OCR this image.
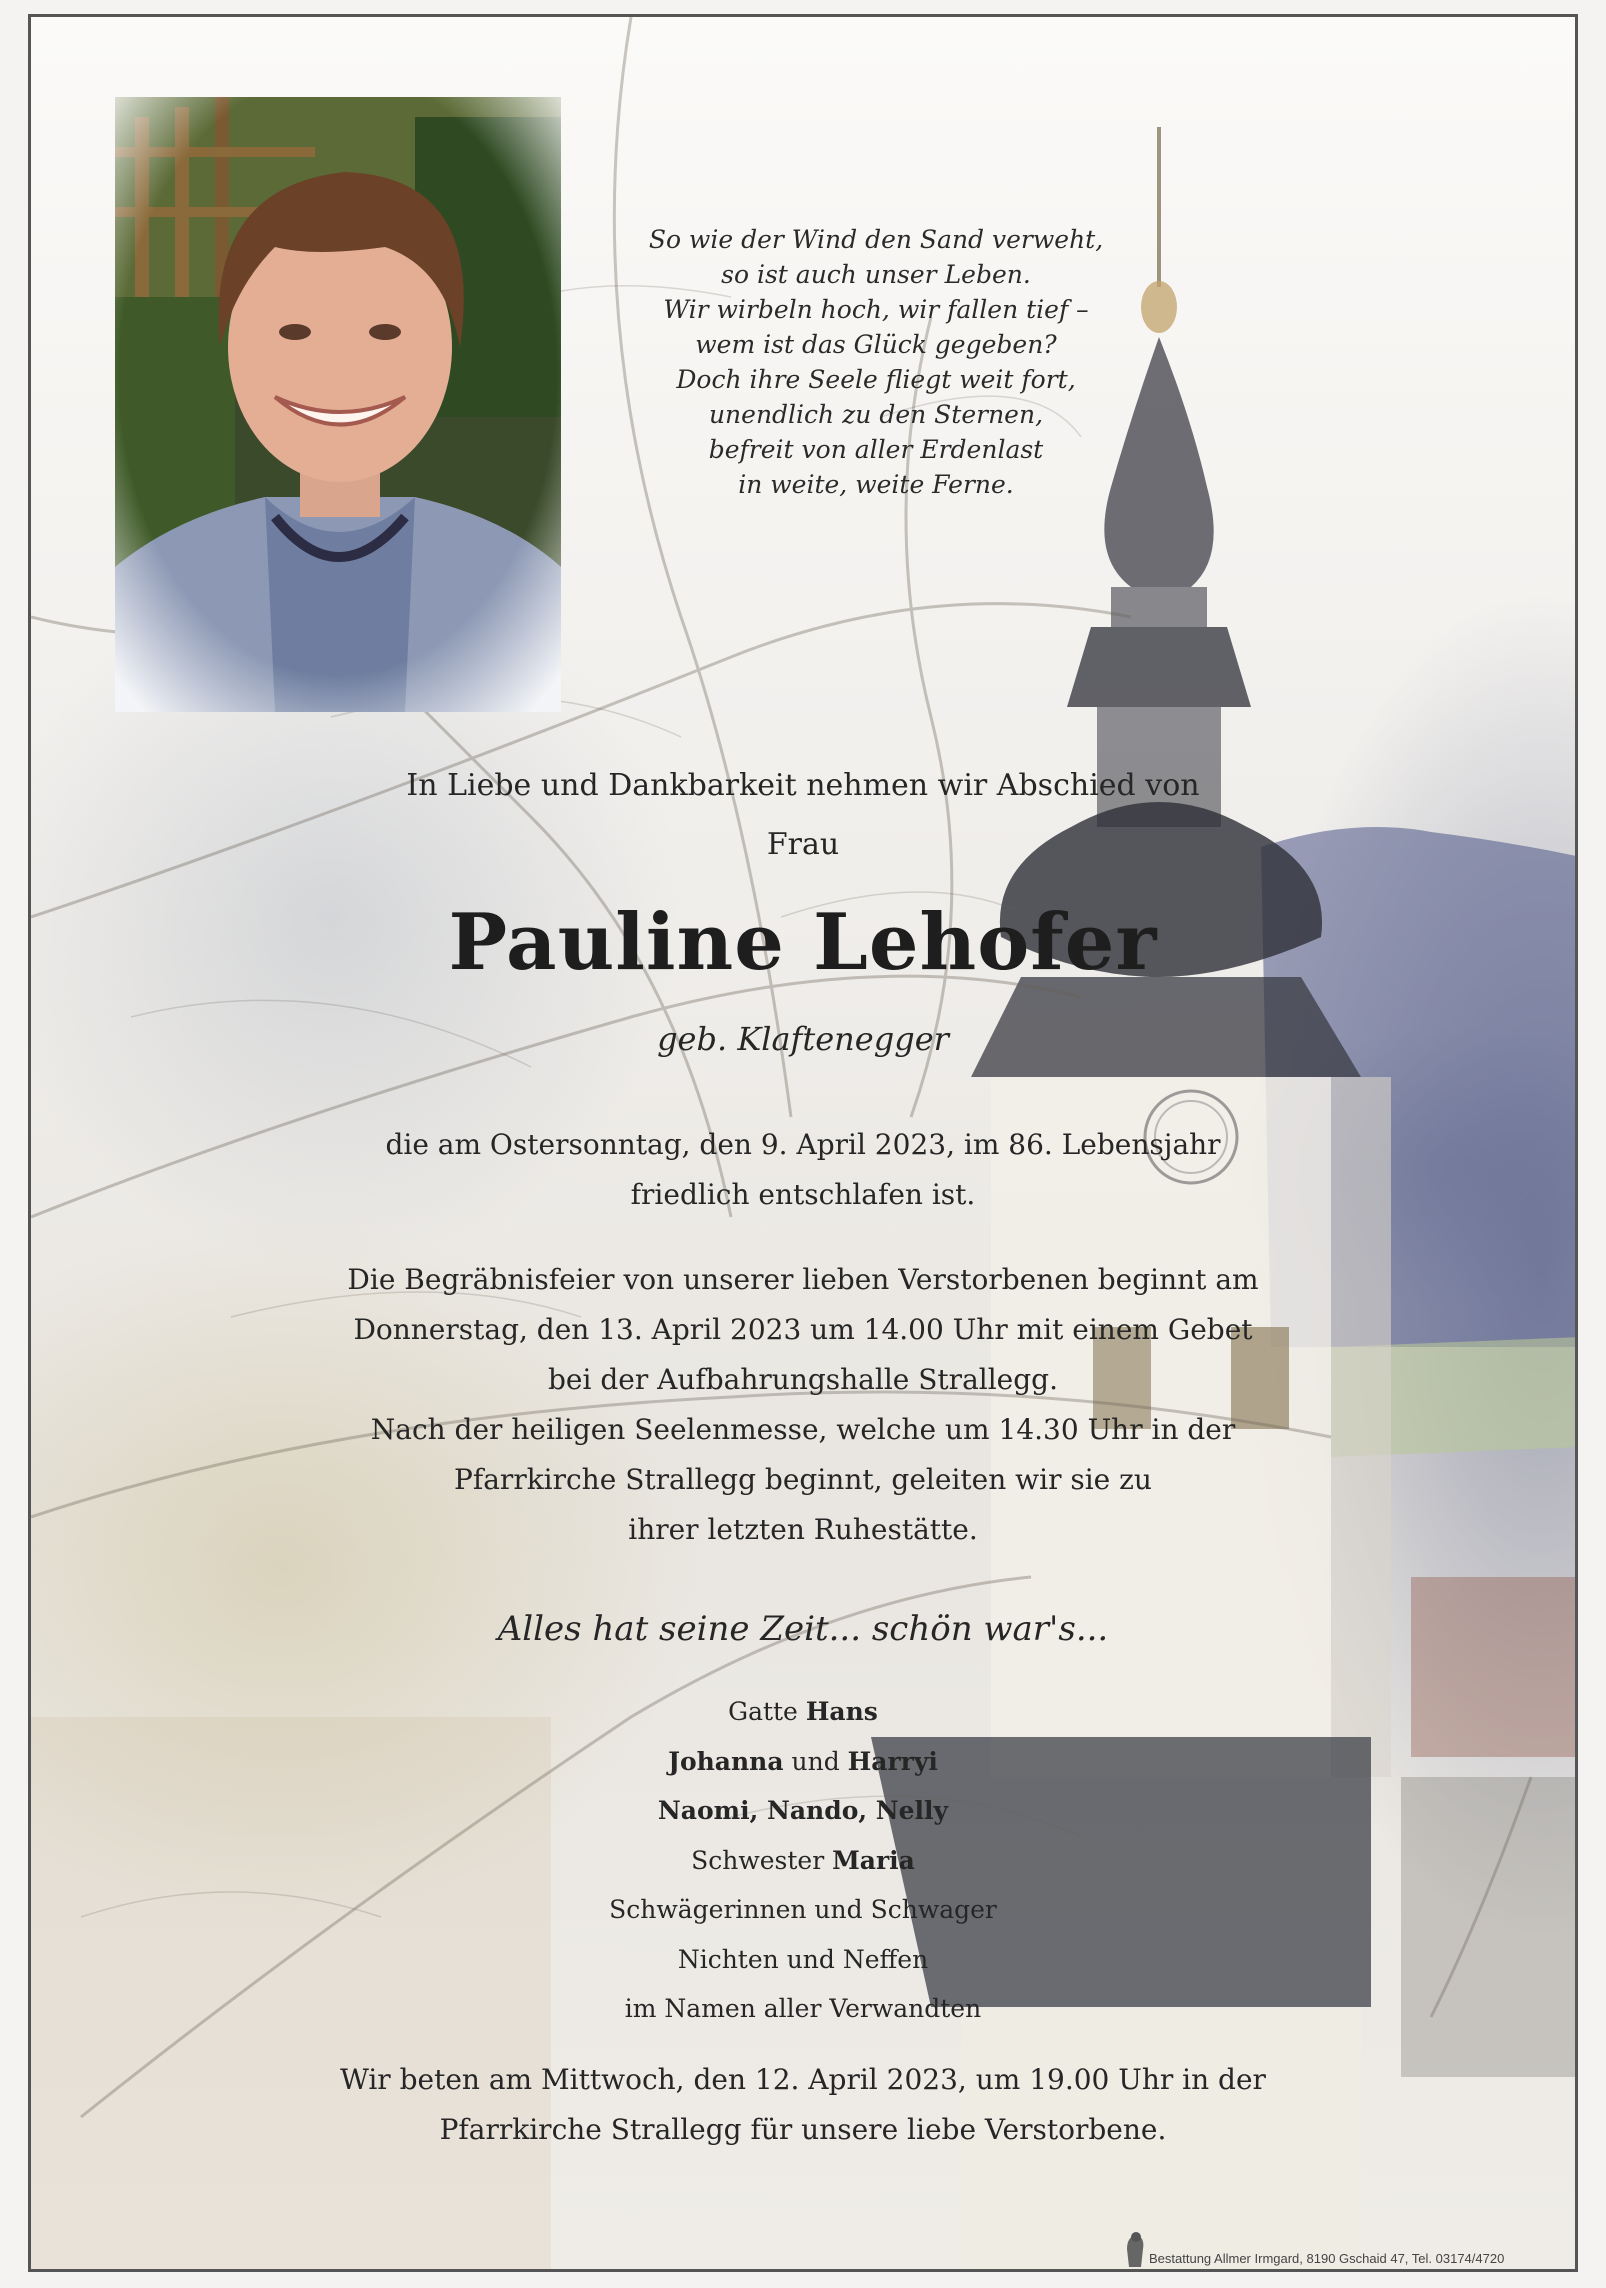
So wie der Wind den Sand verweht,
so ist auch unser Leben.
Wir wirbeln hoch, wir fallen tief –
wem ist das Glück gegeben?
Doch ihre Seele fliegt weit fort,
unendlich zu den Sternen,
befreit von aller Erdenlast
in weite, weite Ferne.
In Liebe und Dankbarkeit nehmen wir Abschied von
Frau
Pauline Lehofer
geb. Klaftenegger
die am Ostersonntag, den 9. April 2023, im 86. Lebensjahr
friedlich entschlafen ist.
Die Begräbnisfeier von unserer lieben Verstorbenen beginnt am
Donnerstag, den 13. April 2023 um 14.00 Uhr mit einem Gebet
bei der Aufbahrungshalle Strallegg.
Nach der heiligen Seelenmesse, welche um 14.30 Uhr in der
Pfarrkirche Strallegg beginnt, geleiten wir sie zu
ihrer letzten Ruhestätte.
Alles hat seine Zeit... schön war's...
Gatte Hans
Johanna und Harryi
Naomi, Nando, Nelly
Schwester Maria
Schwägerinnen und Schwager
Nichten und Neffen
im Namen aller Verwandten
Wir beten am Mittwoch, den 12. April 2023, um 19.00 Uhr in der
Pfarrkirche Strallegg für unsere liebe Verstorbene.
Bestattung Allmer Irmgard, 8190 Gschaid 47, Tel. 03174/4720
